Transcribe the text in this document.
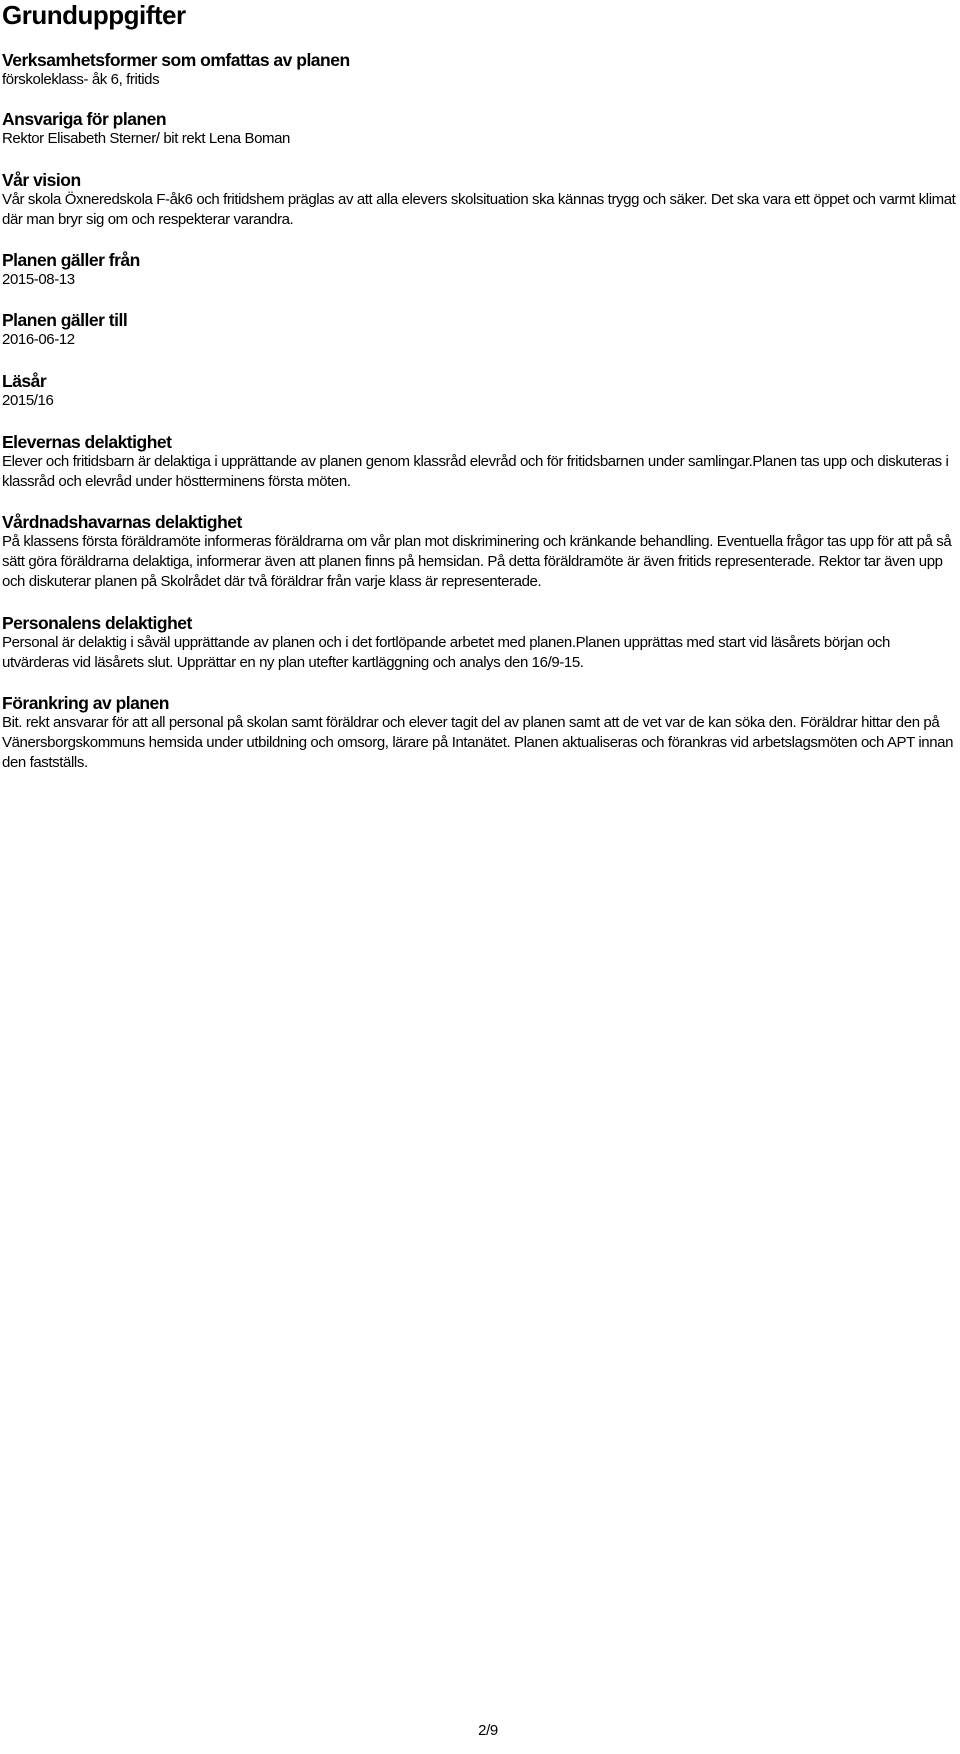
Grunduppgifter
Verksamhetsformer som omfattas av planen

förskoleklass- åk 6, fritids

Ansvariga för planen

Rektor Elisabeth Sterner/ bit rekt Lena Boman

Vår vision

Vår skola Öxneredskola F-åk6 och fritidshem präglas av att alla elevers skolsituation ska kännas trygg och säker. Det ska vara ett öppet och varmt klimat där man bryr sig om och respekterar varandra.

Planen gäller från

2015-08-13

Planen gäller till

2016-06-12

Läsår

2015/16

Elevernas delaktighet

Elever och fritidsbarn är delaktiga i upprättande av planen genom klassråd elevråd och för fritidsbarnen under samlingar.Planen tas upp och diskuteras i klassråd och elevråd under höstterminens första möten.

Vårdnadshavarnas delaktighet

På klassens första föräldramöte informeras föräldrarna om vår plan mot diskriminering och kränkande behandling. Eventuella frågor tas upp för att på så sätt göra föräldrarna delaktiga, informerar även att planen finns på hemsidan. På detta föräldramöte är även fritids representerade. Rektor tar även upp och diskuterar planen på Skolrådet där två föräldrar från varje klass är representerade.

Personalens delaktighet

Personal är delaktig i såväl upprättande av planen och i det fortlöpande arbetet med planen.Planen upprättas med start vid läsårets början och utvärderas vid läsårets slut. Upprättar en ny plan utefter kartläggning och analys den 16/9-15.

Förankring av planen

Bit. rekt ansvarar för att all personal på skolan samt föräldrar och elever tagit del av planen samt att de vet var de kan söka den. Föräldrar hittar den på Vänersborgskommuns hemsida under utbildning och omsorg, lärare på Intanätet. Planen aktualiseras och förankras vid arbetslagsmöten och APT innan den fastställs.

2/9
